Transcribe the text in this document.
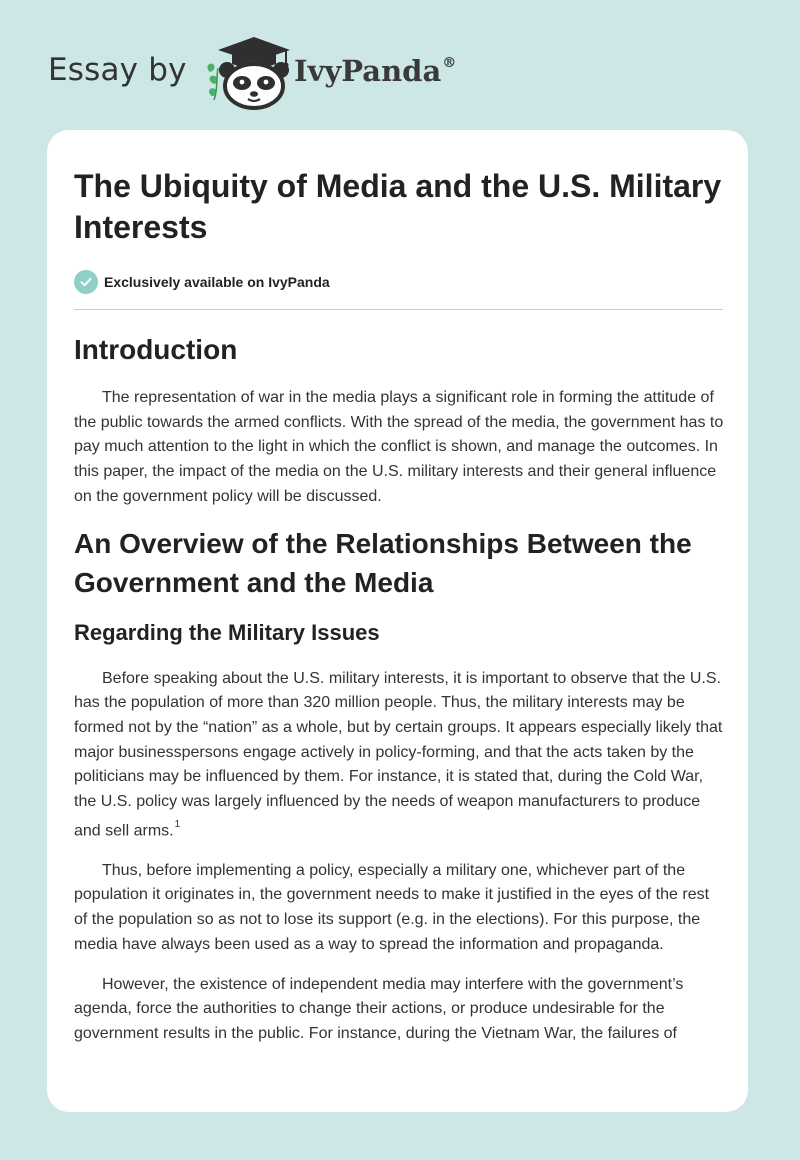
Essay by	IvyPanda®
The Ubiquity of Media and the U.S. Military Interests
Exclusively available on IvyPanda
Introduction

The representation of war in the media plays a significant role in forming the attitude of the public towards the armed conflicts. With the spread of the media, the government has to pay much attention to the light in which the conflict is shown, and manage the outcomes. In this paper, the impact of the media on the U.S. military interests and their general influence on the government policy will be discussed.

An Overview of the Relationships Between the Government and the Media
Regarding the Military Issues

Before speaking about the U.S. military interests, it is important to observe that the U.S. has the population of more than 320 million people. Thus, the military interests may be formed not by the “nation” as a whole, but by certain groups. It appears especially likely that major businesspersons engage actively in policy-forming, and that the acts taken by the politicians may be influenced by them. For instance, it is stated that, during the Cold War, the U.S. policy was largely influenced by the needs of weapon manufacturers to produce and sell arms.$^1$

Thus, before implementing a policy, especially a military one, whichever part of the population it originates in, the government needs to make it justified in the eyes of the rest of the population so as not to lose its support (e.g. in the elections). For this purpose, the media have always been used as a way to spread the information and propaganda.

However, the existence of independent media may interfere with the government’s agenda, force the authorities to change their actions, or produce undesirable for the government results in the public. For instance, during the Vietnam War, the failures of
